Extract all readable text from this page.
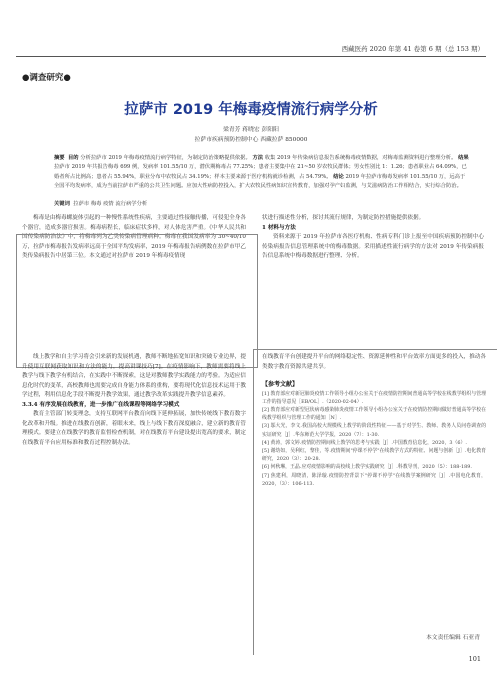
西藏医药 2020 年第 41 卷第 6 期（总 153 期）
●调查研究●
拉萨市 2019 年梅毒疫情流行病学分析
梁青芳 蒋晓宏 彭阳阳
拉萨市疾病预防控制中心 西藏拉萨 850000
摘要 目的 分析拉萨市 2019 年梅毒疫情流行病学特征，为制定防治策略提供依据。 方法 收集 2019 年传染病信息报告系统梅毒疫情数据，对梅毒监测资料进行整理分析。 结果 拉萨市 2019 年共报告梅毒 699 例，发病率 101.55/10 万，潜伏期梅毒占 77.25%；患者主要集中在 21~50 岁农牧民群体；男女性别比 1：1.26；患者职业占 64.09%，已婚者所占比例高；患者占 55.94%，职业分布中农牧民占 34.19%；样本主要来源于医疗机构就诊检测，占 54.79%。 结论 2019 年拉萨市梅毒发病率 101.55/10 万，远高于全国平均发病率，成为当前拉萨市严重的公共卫生问题。应加大性病防控投入，扩大农牧民性病知识宣传教育，加强对孕产妇监测，与艾滋病防治工作相结合，实行综合防治。
关键词 拉萨市 梅毒 疫情 流行病学分析

梅毒是由梅毒螺旋体引起的一种慢性系统性疾病，主要通过性接触传播，可侵犯全身各个器官，造成多器官损害。梅毒病程长，临床症状多样，对人体危害严重。《中华人民共和国传染病防治法》中，将梅毒列为乙类传染病管理病种。梅毒在我国发病率为 30~40/10 万，拉萨市梅毒报告发病率远高于全国平均发病率，2019 年梅毒报告病例数在拉萨市甲乙类传染病报告中居第三位。本文通过对拉萨市 2019 年梅毒疫情现

状进行描述性分析，探讨其流行规律，为制定防控措施提供依据。

1 材料与方法

资料来源于 2019 年拉萨市各医疗机构、性病专科门诊上报至中国疾病预防控制中心传染病报告信息管理系统中的梅毒数据。采用描述性流行病学的方法对 2019 年传染病报告信息系统中梅毒数据进行整理、分析。

线上教学和自主学习将会引来新的发展机遇，教师不断地拓宽知识和突破专业边界，提升使用互联网获取知识和方法的能力，提高讲课技巧[7]。在疫情影响下，教师需要将线上教学与线下教学有机结合，在实践中不断探索，这是对教师教学实践能力的考验。为适应信息化时代的变革，高校教师也需要完成自身能力体系的重构，要将现代化信息技术运用于教学过程，利用信息化手段不断提升教学效果，通过教学改革实践提升教学信息素养。

3.3.4 有序发展在线教育，进一步推广在线课程等网络学习模式

教育主管部门转变理念，支持互联网平台教育向线下延伸拓展，加快传统线下教育数字化改革和升级。推进在线教育创新，着眼未来，线上与线下教育深度融合，建立新的教育管理模式。要建立在线教学的教育监督检查机制，对在线教育平台建设提出宽高的要求，制定在线教育平台应用标准和教育过程控制办法。

在线教育平台创建提升平台的网络稳定性、资源延伸性和平台效率方面更多的投入，推动各类数字教育资源共建共享。

【参考文献】

[1] 教育部应对新冠肺炎疫情工作领导小组办公室关于在疫情防控期间普通高等学校在线教学组织与管理工作的指导意见［EB/OL］.（2020-02-04）.

[2] 教育部应对新型冠状病毒感染肺炎疫情工作领导小组办公室关于在疫情防控期间做好普通高等学校在线教学组织与管理工作的通知［N］.

[3] 邬大光，李文.我国高校大规模线上教学的阶段性特征——基于对学生、教师、教务人员问卷调查的实证研究［J］.华东师范大学学报，2020（7）：1-30.

[4] 黄涛，郭文婷.疫情防控期间线上教学的思考与实践［J］.中国教育信息化，2020，3（6）.

[5] 谢幼如，吴利红，黎佳，等.疫情期间"停课不停学"在线教学方式的特征、问题与创新［J］.电化教育研究，2020（3）：20-28.

[6] 何秋琳，王晶.应对疫情影响的高校线上教学实践研究［J］.科教导刊，2020（5）：188-189.

[7] 焦建利，周晓清，陈泽璇.疫情防控背景下"停课不停学"在线教学案例研究［J］.中国电化教育，2020，（3）：106-113.

本文责任编辑 石亚青
101
